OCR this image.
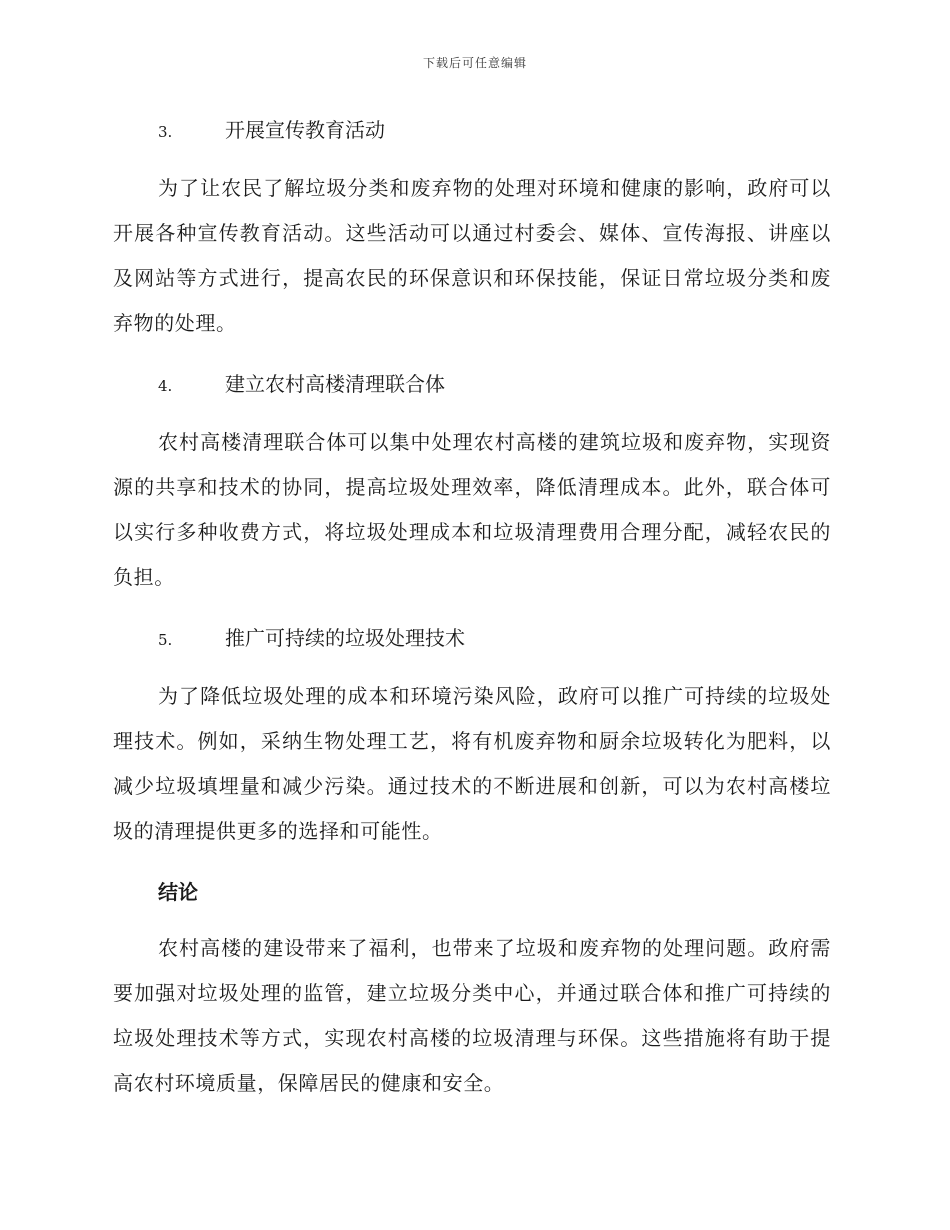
下载后可任意编辑
3.	开展宣传教育活动

为了让农民了解垃圾分类和废弃物的处理对环境和健康的影响，政府可以开展各种宣传教育活动。这些活动可以通过村委会、媒体、宣传海报、讲座以及网站等方式进行，提高农民的环保意识和环保技能，保证日常垃圾分类和废弃物的处理。

4.	建立农村高楼清理联合体

农村高楼清理联合体可以集中处理农村高楼的建筑垃圾和废弃物，实现资源的共享和技术的协同，提高垃圾处理效率，降低清理成本。此外，联合体可以实行多种收费方式，将垃圾处理成本和垃圾清理费用合理分配，减轻农民的负担。

5.	推广可持续的垃圾处理技术

为了降低垃圾处理的成本和环境污染风险，政府可以推广可持续的垃圾处理技术。例如，采纳生物处理工艺，将有机废弃物和厨余垃圾转化为肥料，以减少垃圾填埋量和减少污染。通过技术的不断进展和创新，可以为农村高楼垃圾的清理提供更多的选择和可能性。

结论

农村高楼的建设带来了福利，也带来了垃圾和废弃物的处理问题。政府需要加强对垃圾处理的监管，建立垃圾分类中心，并通过联合体和推广可持续的垃圾处理技术等方式，实现农村高楼的垃圾清理与环保。这些措施将有助于提高农村环境质量，保障居民的健康和安全。
